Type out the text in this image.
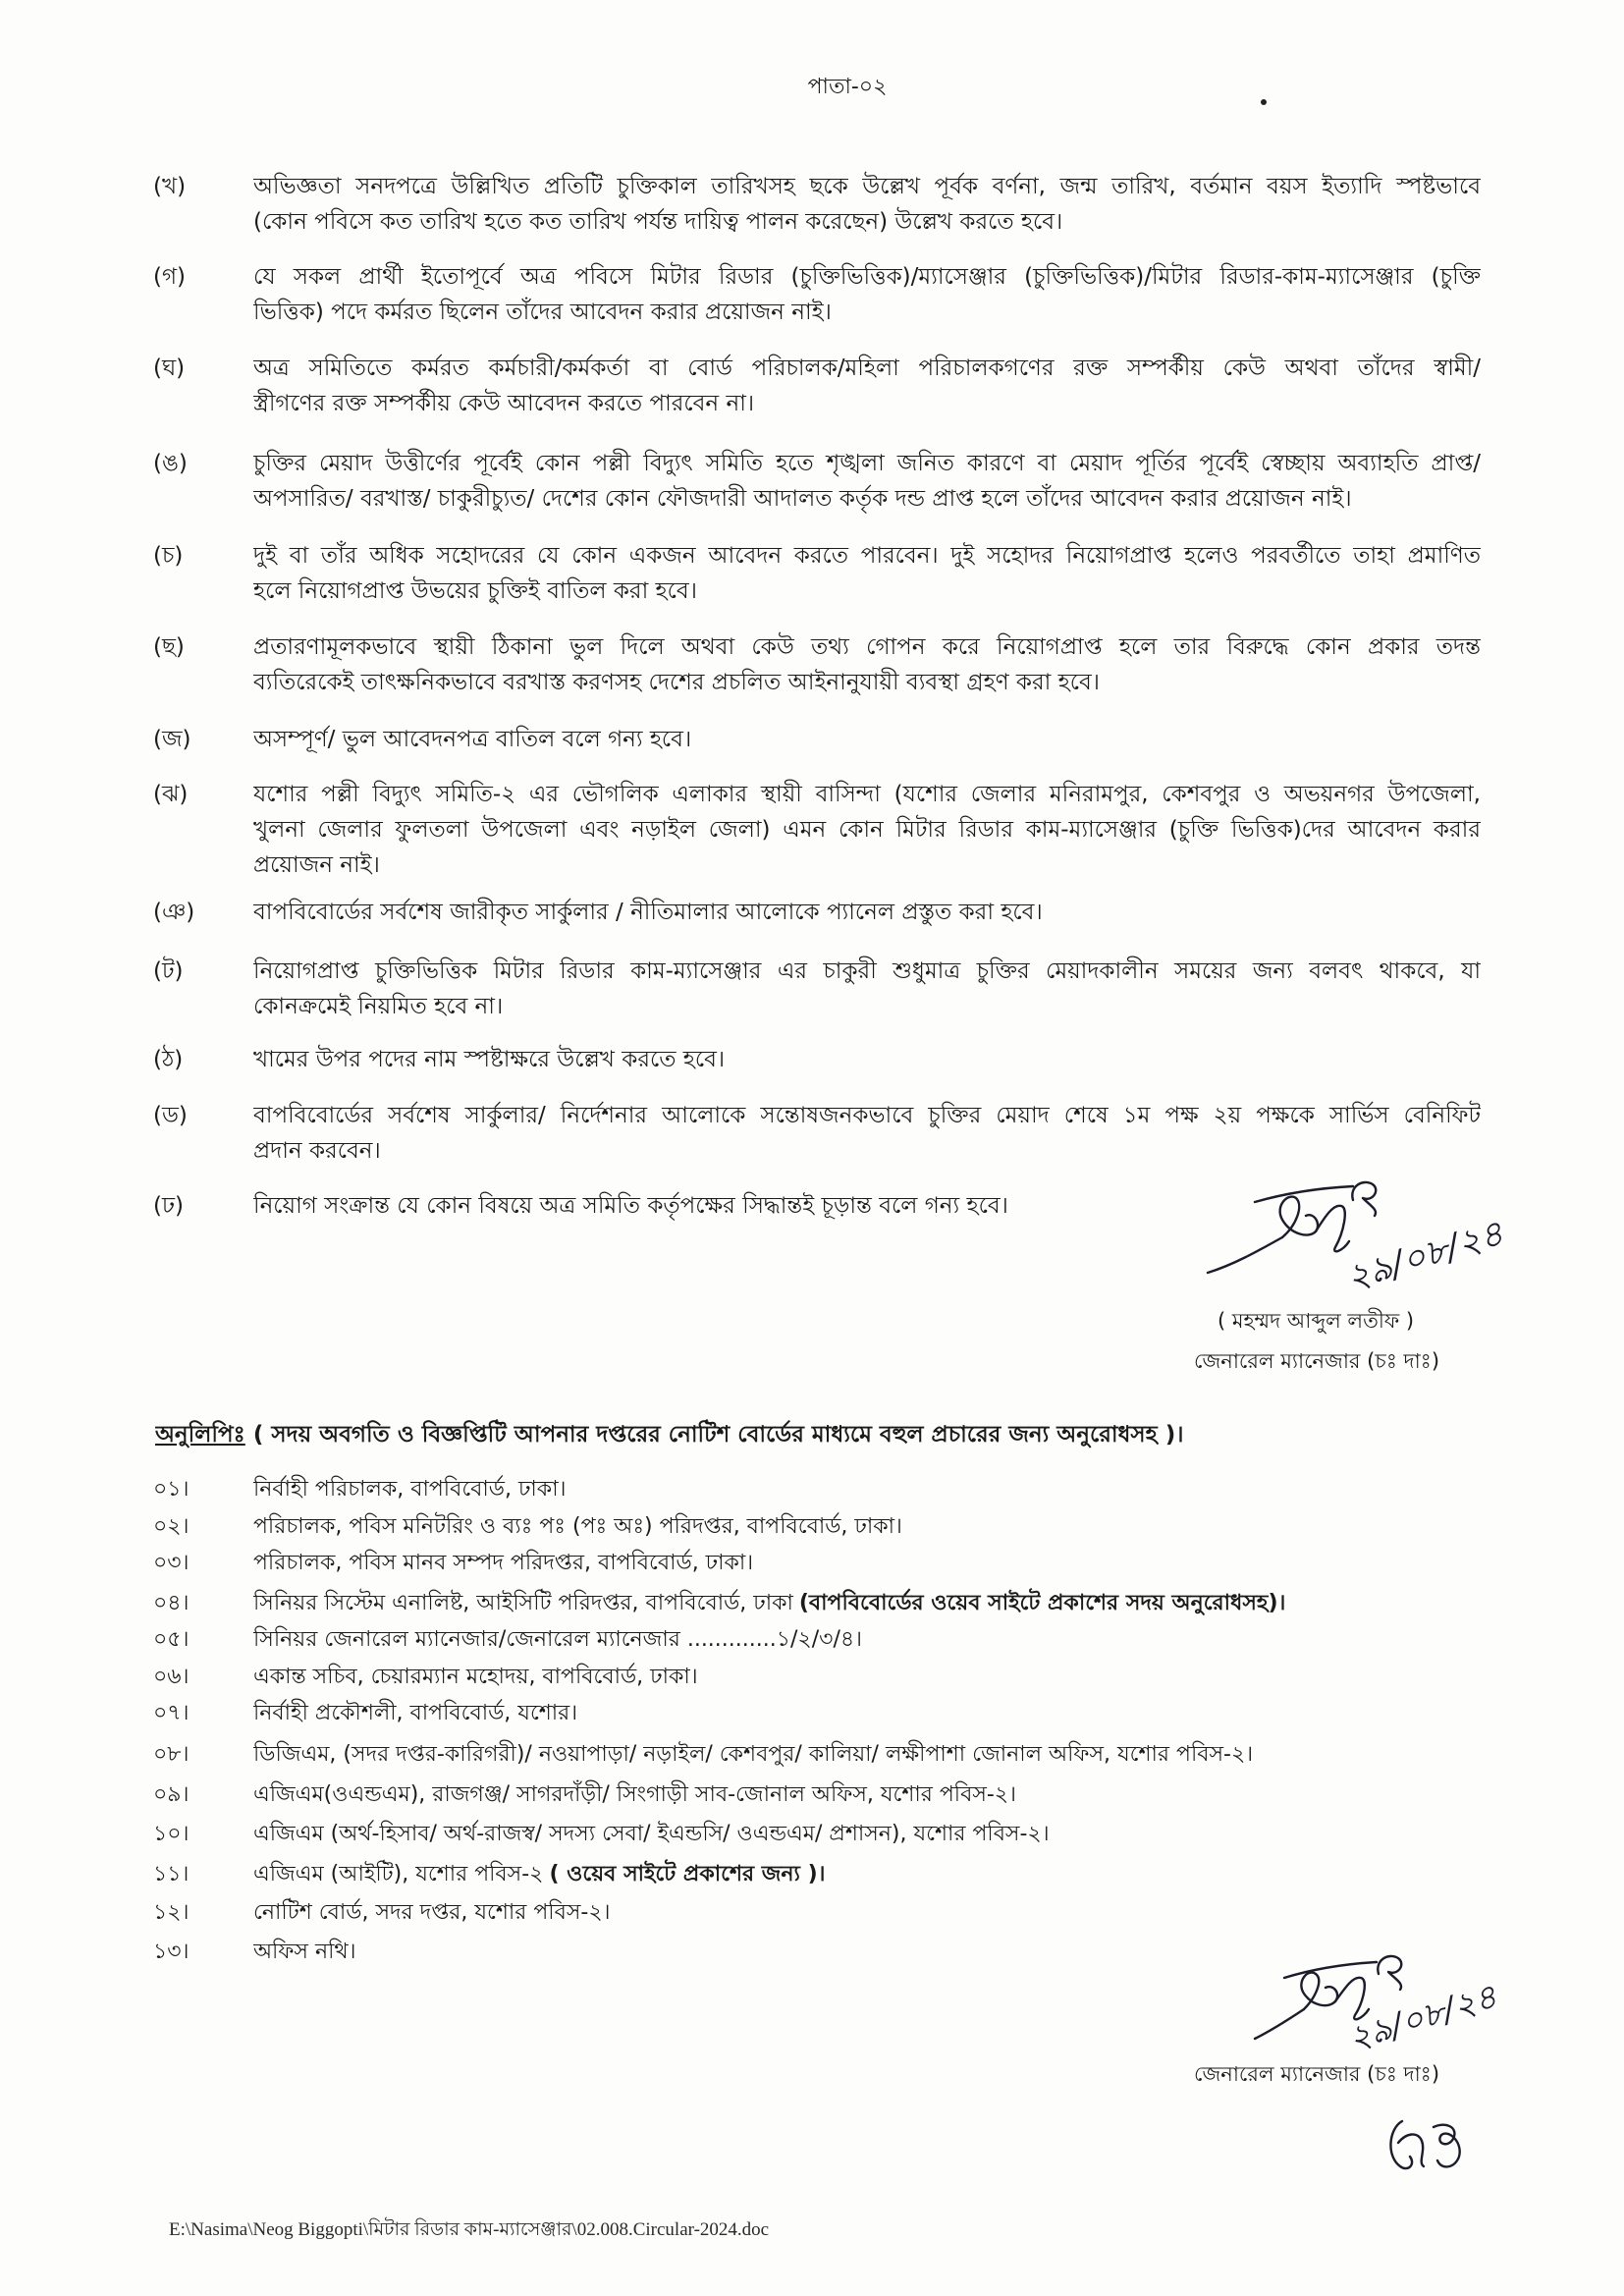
পাতা-০২
(খ)	অভিজ্ঞতা সনদপত্রে উল্লিখিত প্রতিটি চুক্তিকাল তারিখসহ ছকে উল্লেখ পূর্বক বর্ণনা, জন্ম তারিখ, বর্তমান বয়স ইত্যাদি স্পষ্টভাবে
(কোন পবিসে কত তারিখ হতে কত তারিখ পর্যন্ত দায়িত্ব পালন করেছেন) উল্লেখ করতে হবে।
(গ)	যে সকল প্রার্থী ইতোপূর্বে অত্র পবিসে মিটার রিডার (চুক্তিভিত্তিক)/ম্যাসেঞ্জার (চুক্তিভিত্তিক)/মিটার রিডার-কাম-ম্যাসেঞ্জার (চুক্তি
ভিত্তিক) পদে কর্মরত ছিলেন তাঁদের আবেদন করার প্রয়োজন নাই।
(ঘ)	অত্র সমিতিতে কর্মরত কর্মচারী/কর্মকর্তা বা বোর্ড পরিচালক/মহিলা পরিচালকগণের রক্ত সম্পর্কীয় কেউ অথবা তাঁদের স্বামী/
স্ত্রীগণের রক্ত সম্পর্কীয় কেউ আবেদন করতে পারবেন না।
(ঙ)	চুক্তির মেয়াদ উত্তীর্ণের পূর্বেই কোন পল্লী বিদ্যুৎ সমিতি হতে শৃঙ্খলা জনিত কারণে বা মেয়াদ পূর্তির পূর্বেই স্বেচ্ছায় অব্যাহতি প্রাপ্ত/
অপসারিত/ বরখাস্ত/ চাকুরীচ্যুত/ দেশের কোন ফৌজদারী আদালত কর্তৃক দন্ড প্রাপ্ত হলে তাঁদের আবেদন করার প্রয়োজন নাই।
(চ)	দুই বা তাঁর অধিক সহোদরের যে কোন একজন আবেদন করতে পারবেন। দুই সহোদর নিয়োগপ্রাপ্ত হলেও পরবর্তীতে তাহা প্রমাণিত
হলে নিয়োগপ্রাপ্ত উভয়ের চুক্তিই বাতিল করা হবে।
(ছ)	প্রতারণামূলকভাবে স্থায়ী ঠিকানা ভুল দিলে অথবা কেউ তথ্য গোপন করে নিয়োগপ্রাপ্ত হলে তার বিরুদ্ধে কোন প্রকার তদন্ত
ব্যতিরেকেই তাৎক্ষনিকভাবে বরখাস্ত করণসহ দেশের প্রচলিত আইনানুযায়ী ব্যবস্থা গ্রহণ করা হবে।
(জ)	অসম্পূর্ণ/ ভুল আবেদনপত্র বাতিল বলে গন্য হবে।
(ঝ)	যশোর পল্লী বিদ্যুৎ সমিতি-২ এর ভৌগলিক এলাকার স্থায়ী বাসিন্দা (যশোর জেলার মনিরামপুর, কেশবপুর ও অভয়নগর উপজেলা,
খুলনা জেলার ফুলতলা উপজেলা এবং নড়াইল জেলা) এমন কোন মিটার রিডার কাম-ম্যাসেঞ্জার (চুক্তি ভিত্তিক)দের আবেদন করার
প্রয়োজন নাই।
(ঞ)	বাপবিবোর্ডের সর্বশেষ জারীকৃত সার্কুলার / নীতিমালার আলোকে প্যানেল প্রস্তুত করা হবে।
(ট)	নিয়োগপ্রাপ্ত চুক্তিভিত্তিক মিটার রিডার কাম-ম্যাসেঞ্জার এর চাকুরী শুধুমাত্র চুক্তির মেয়াদকালীন সময়ের জন্য বলবৎ থাকবে, যা
কোনক্রমেই নিয়মিত হবে না।
(ঠ)	খামের উপর পদের নাম স্পষ্টাক্ষরে উল্লেখ করতে হবে।
(ড)	বাপবিবোর্ডের সর্বশেষ সার্কুলার/ নির্দেশনার আলোকে সন্তোষজনকভাবে চুক্তির মেয়াদ শেষে ১ম পক্ষ ২য় পক্ষকে সার্ভিস বেনিফিট
প্রদান করবেন।
(ঢ)	নিয়োগ সংক্রান্ত যে কোন বিষয়ে অত্র সমিতি কর্তৃপক্ষের সিদ্ধান্তই চূড়ান্ত বলে গন্য হবে।
২৯/০৮/২৪
( মহম্মদ আব্দুল লতীফ )
জেনারেল ম্যানেজার (চঃ দাঃ)
অনুলিপিঃ ( সদয় অবগতি ও বিজ্ঞপ্তিটি আপনার দপ্তরের নোটিশ বোর্ডের মাধ্যমে বহুল প্রচারের জন্য অনুরোধসহ )।
০১।	নির্বাহী পরিচালক, বাপবিবোর্ড, ঢাকা।
০২।	পরিচালক, পবিস মনিটরিং ও ব্যঃ পঃ (পঃ অঃ) পরিদপ্তর, বাপবিবোর্ড, ঢাকা।
০৩।	পরিচালক, পবিস মানব সম্পদ পরিদপ্তর, বাপবিবোর্ড, ঢাকা।
০৪।	সিনিয়র সিস্টেম এনালিষ্ট, আইসিটি পরিদপ্তর, বাপবিবোর্ড, ঢাকা (বাপবিবোর্ডের ওয়েব সাইটে প্রকাশের সদয় অনুরোধসহ)।
০৫।	সিনিয়র জেনারেল ম্যানেজার/জেনারেল ম্যানেজার .............১/২/৩/৪।
০৬।	একান্ত সচিব, চেয়ারম্যান মহোদয়, বাপবিবোর্ড, ঢাকা।
০৭।	নির্বাহী প্রকৌশলী, বাপবিবোর্ড, যশোর।
০৮।	ডিজিএম, (সদর দপ্তর-কারিগরী)/ নওয়াপাড়া/ নড়াইল/ কেশবপুর/ কালিয়া/ লক্ষীপাশা জোনাল অফিস, যশোর পবিস-২।
০৯।	এজিএম(ওএন্ডএম), রাজগঞ্জ/ সাগরদাঁড়ী/ সিংগাড়ী সাব-জোনাল অফিস, যশোর পবিস-২।
১০।	এজিএম (অর্থ-হিসাব/ অর্থ-রাজস্ব/ সদস্য সেবা/ ইএন্ডসি/ ওএন্ডএম/ প্রশাসন), যশোর পবিস-২।
১১।	এজিএম (আইটি), যশোর পবিস-২ ( ওয়েব সাইটে প্রকাশের জন্য )।
১২।	নোটিশ বোর্ড, সদর দপ্তর, যশোর পবিস-২।
১৩।	অফিস নথি।
২৯/০৮/২৪
জেনারেল ম্যানেজার (চঃ দাঃ)
E:\Nasima\Neog Biggopti\মিটার রিডার কাম-ম্যাসেঞ্জার\02.008.Circular-2024.doc
